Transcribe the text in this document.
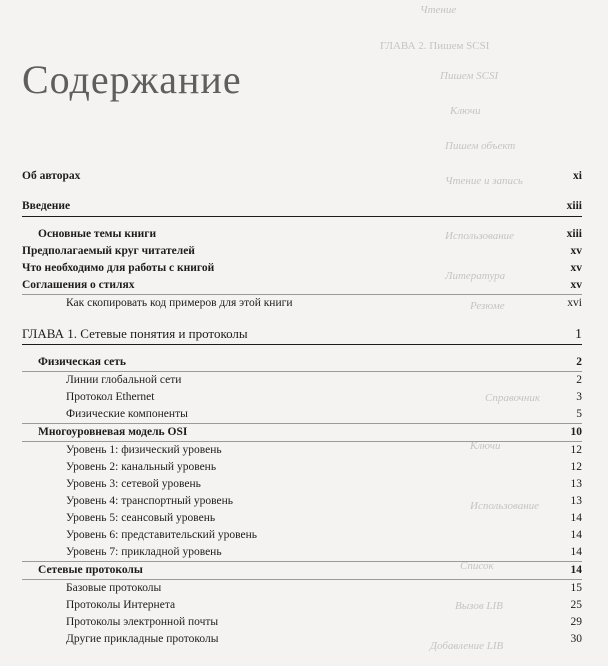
Чтение
ГЛАВА 2. Пишем SCSI
Пишем SCSI
Ключи
Пишем объект
Чтение и запись
Использование
Литература
Резюме
Справочник
Ключи
Использование
Список
Вызов LIB
Добавление LIB
Содержание
Об авторах	xi
Введение	xiii
Основные темы книги	xiii
Предполагаемый круг читателей	xv
Что необходимо для работы с книгой	xv
Соглашения о стилях	xv
Как скопировать код примеров для этой книги	xvi
ГЛАВА 1. Сетевые понятия и протоколы	1
Физическая сеть	2
Линии глобальной сети	2
Протокол Ethernet	3
Физические компоненты	5
Многоуровневая модель OSI	10
Уровень 1: физический уровень	12
Уровень 2: канальный уровень	12
Уровень 3: сетевой уровень	13
Уровень 4: транспортный уровень	13
Уровень 5: сеансовый уровень	14
Уровень 6: представительский уровень	14
Уровень 7: прикладной уровень	14
Сетевые протоколы	14
Базовые протоколы	15
Протоколы Интернета	25
Протоколы электронной почты	29
Другие прикладные протоколы	30
